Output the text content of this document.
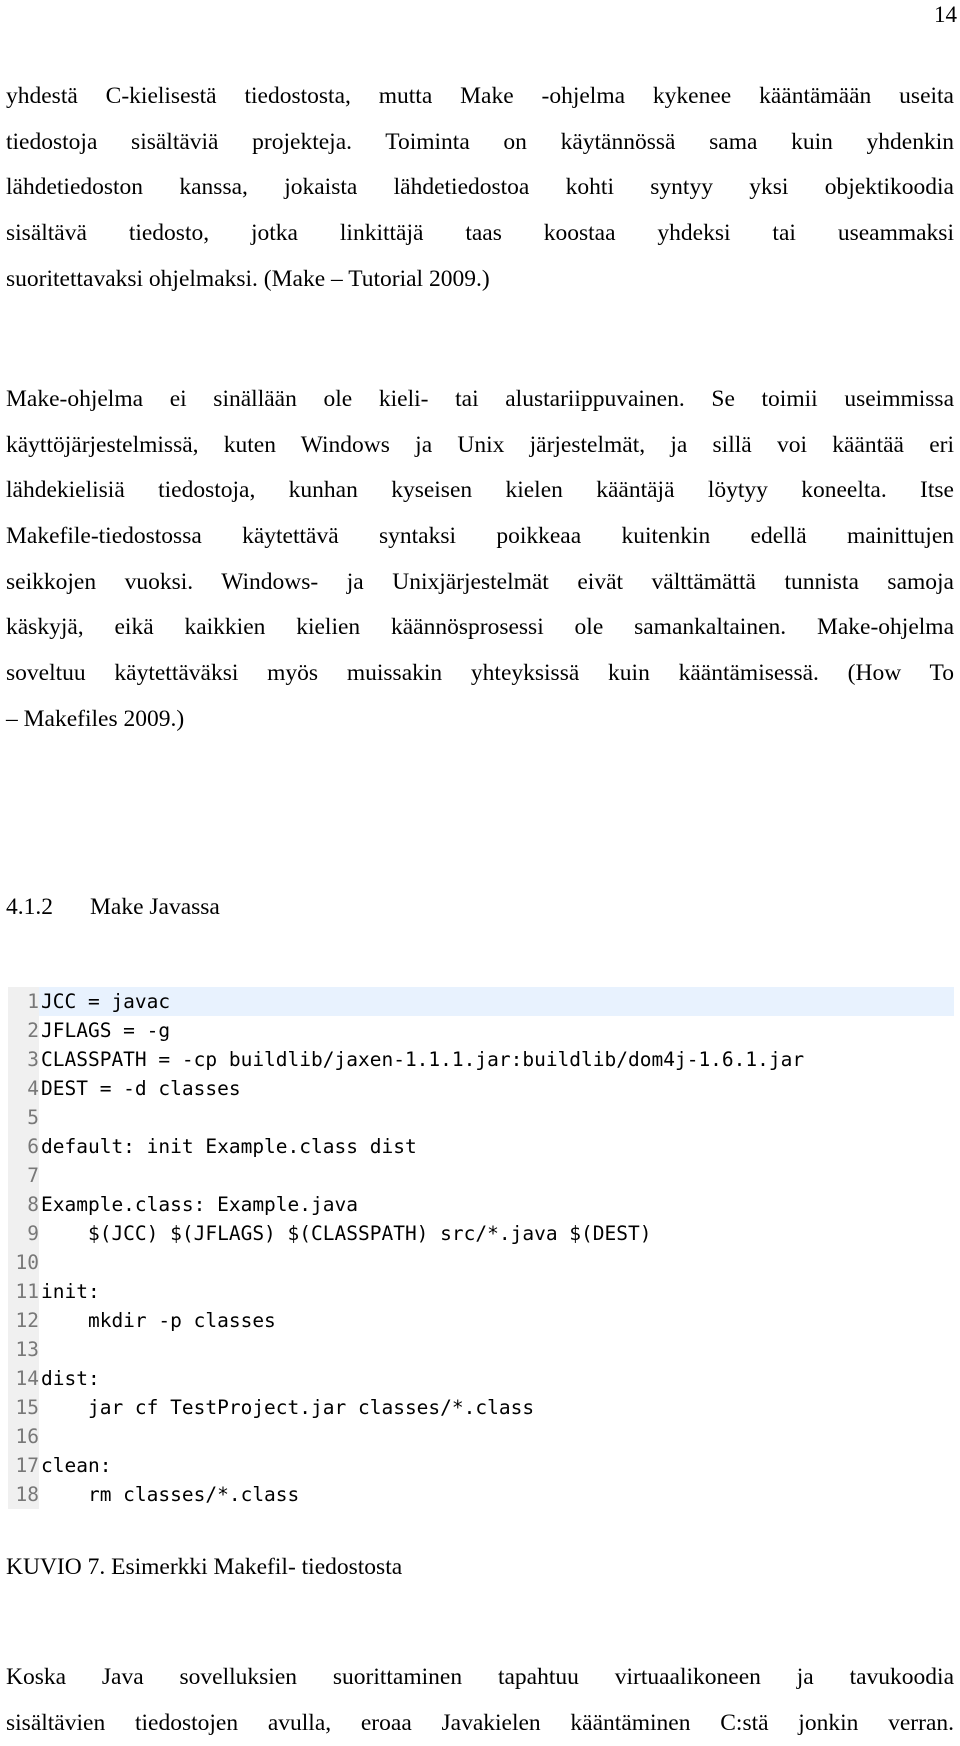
14
yhdestä C-kielisestä tiedostosta, mutta Make -ohjelma kykenee kääntämään useita
tiedostoja sisältäviä projekteja. Toiminta on käytännössä sama kuin yhdenkin
lähdetiedoston kanssa, jokaista lähdetiedostoa kohti syntyy yksi objektikoodia
sisältävä tiedosto, jotka linkittäjä taas koostaa yhdeksi tai useammaksi
suoritettavaksi ohjelmaksi. (Make – Tutorial 2009.)
Make-ohjelma ei sinällään ole kieli- tai alustariippuvainen. Se toimii useimmissa
käyttöjärjestelmissä, kuten Windows ja Unix järjestelmät, ja sillä voi kääntää eri
lähdekielisiä tiedostoja, kunhan kyseisen kielen kääntäjä löytyy koneelta. Itse
Makefile-tiedostossa käytettävä syntaksi poikkeaa kuitenkin edellä mainittujen
seikkojen vuoksi. Windows- ja Unixjärjestelmät eivät välttämättä tunnista samoja
käskyjä, eikä kaikkien kielien käännösprosessi ole samankaltainen. Make-ohjelma
soveltuu käytettäväksi myös muissakin yhteyksissä kuin kääntämisessä. (How To
– Makefiles 2009.)
4.1.2 Make Javassa
1 JCC = javac
2 JFLAGS = -g
3 CLASSPATH = -cp buildlib/jaxen-1.1.1.jar:buildlib/dom4j-1.6.1.jar
4 DEST = -d classes
5
6 default: init Example.class dist
7
8 Example.class: Example.java
9    $(JCC) $(JFLAGS) $(CLASSPATH) src/*.java $(DEST)
10
11 init:
12    mkdir -p classes
13
14 dist:
15    jar cf TestProject.jar classes/*.class
16
17 clean:
18    rm classes/*.class
KUVIO 7. Esimerkki Makefil- tiedostosta
Koska Java sovelluksien suorittaminen tapahtuu virtuaalikoneen ja tavukoodia
sisältävien tiedostojen avulla, eroaa Javakielen kääntäminen C:stä jonkin verran.
